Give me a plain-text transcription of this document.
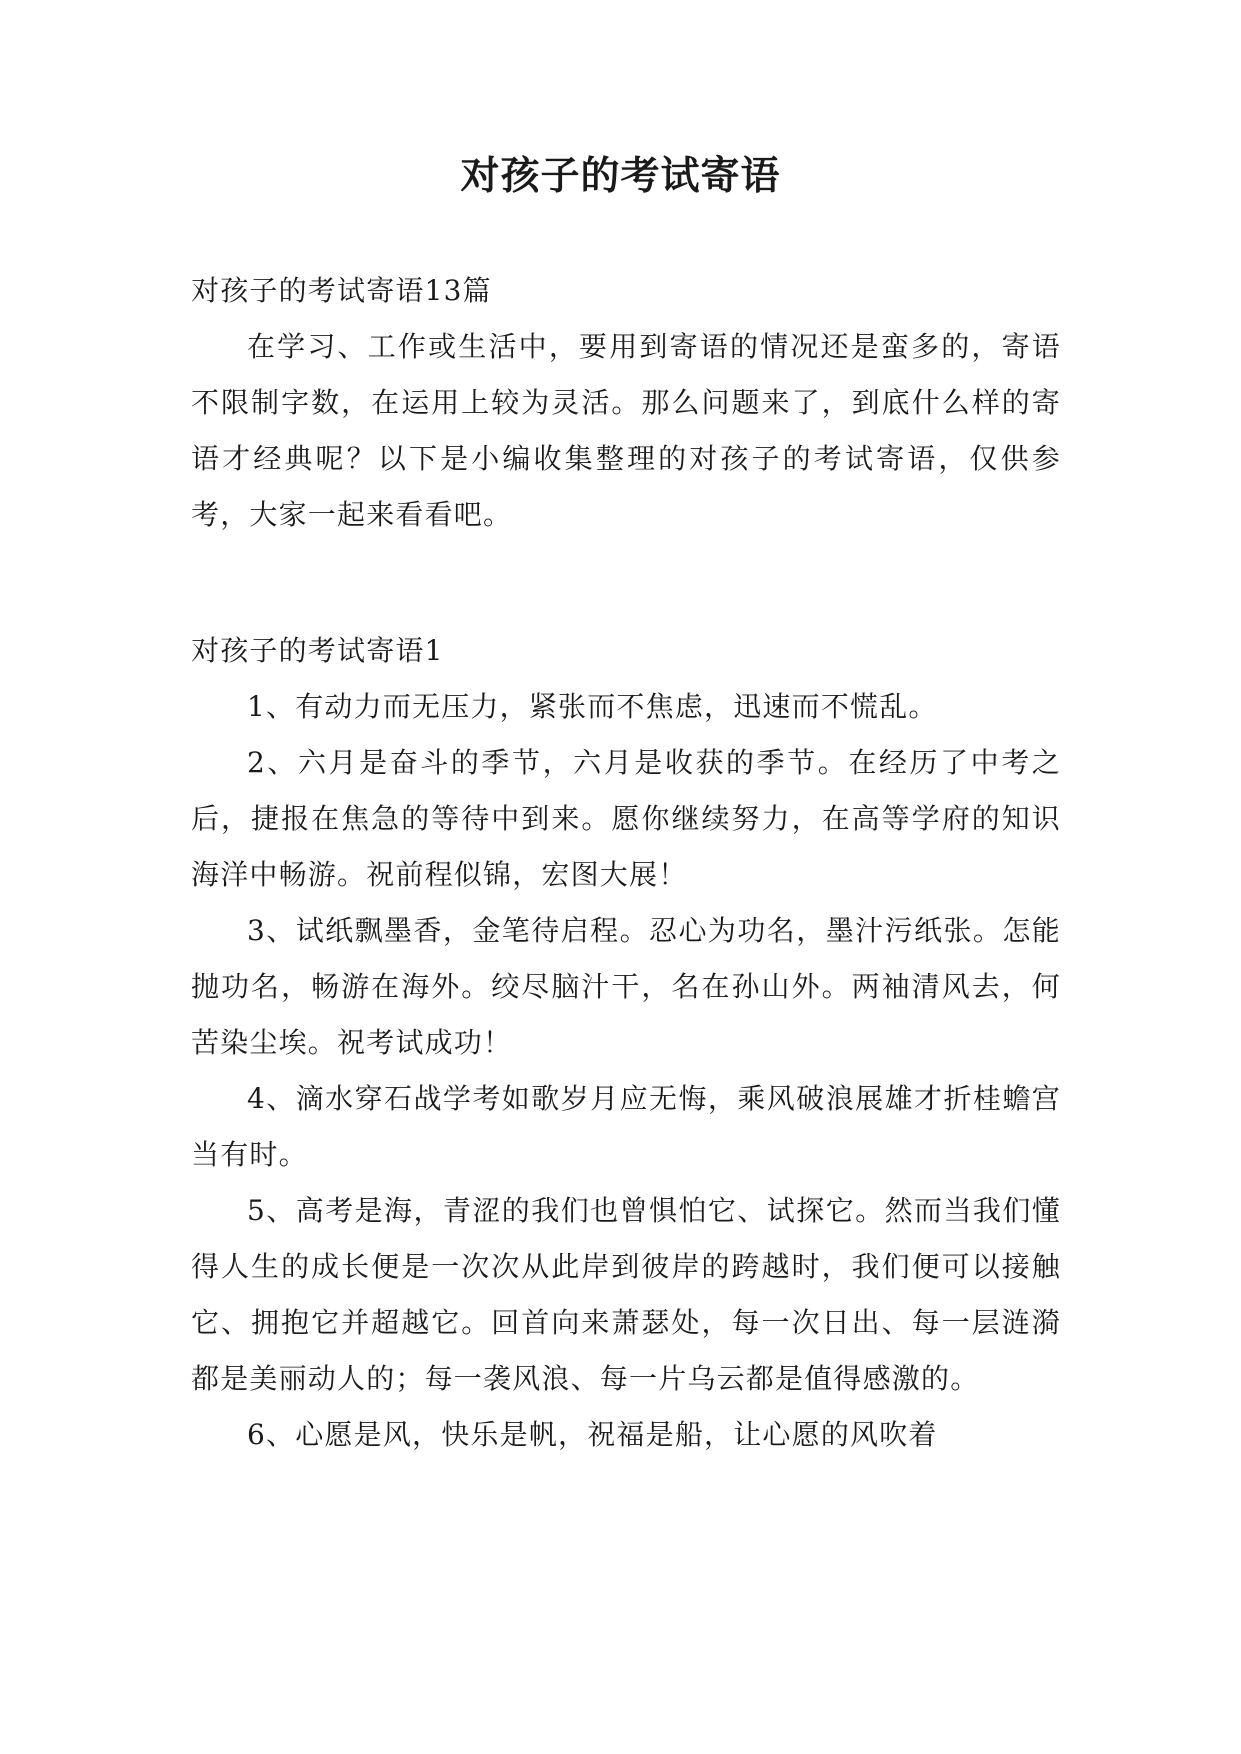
对孩子的考试寄语

对孩子的考试寄语13篇

在学习、工作或生活中，要用到寄语的情况还是蛮多的，寄语不限制字数，在运用上较为灵活。那么问题来了，到底什么样的寄语才经典呢？以下是小编收集整理的对孩子的考试寄语，仅供参考，大家一起来看看吧。

对孩子的考试寄语1

1、有动力而无压力，紧张而不焦虑，迅速而不慌乱。

2、六月是奋斗的季节，六月是收获的季节。在经历了中考之后，捷报在焦急的等待中到来。愿你继续努力，在高等学府的知识海洋中畅游。祝前程似锦，宏图大展！

3、试纸飘墨香，金笔待启程。忍心为功名，墨汁污纸张。怎能抛功名，畅游在海外。绞尽脑汁干，名在孙山外。两袖清风去，何苦染尘埃。祝考试成功！

4、滴水穿石战学考如歌岁月应无悔，乘风破浪展雄才折桂蟾宫当有时。

5、高考是海，青涩的我们也曾惧怕它、试探它。然而当我们懂得人生的成长便是一次次从此岸到彼岸的跨越时，我们便可以接触它、拥抱它并超越它。回首向来萧瑟处，每一次日出、每一层涟漪都是美丽动人的；每一袭风浪、每一片乌云都是值得感激的。

6、心愿是风，快乐是帆，祝福是船，让心愿的风吹着
